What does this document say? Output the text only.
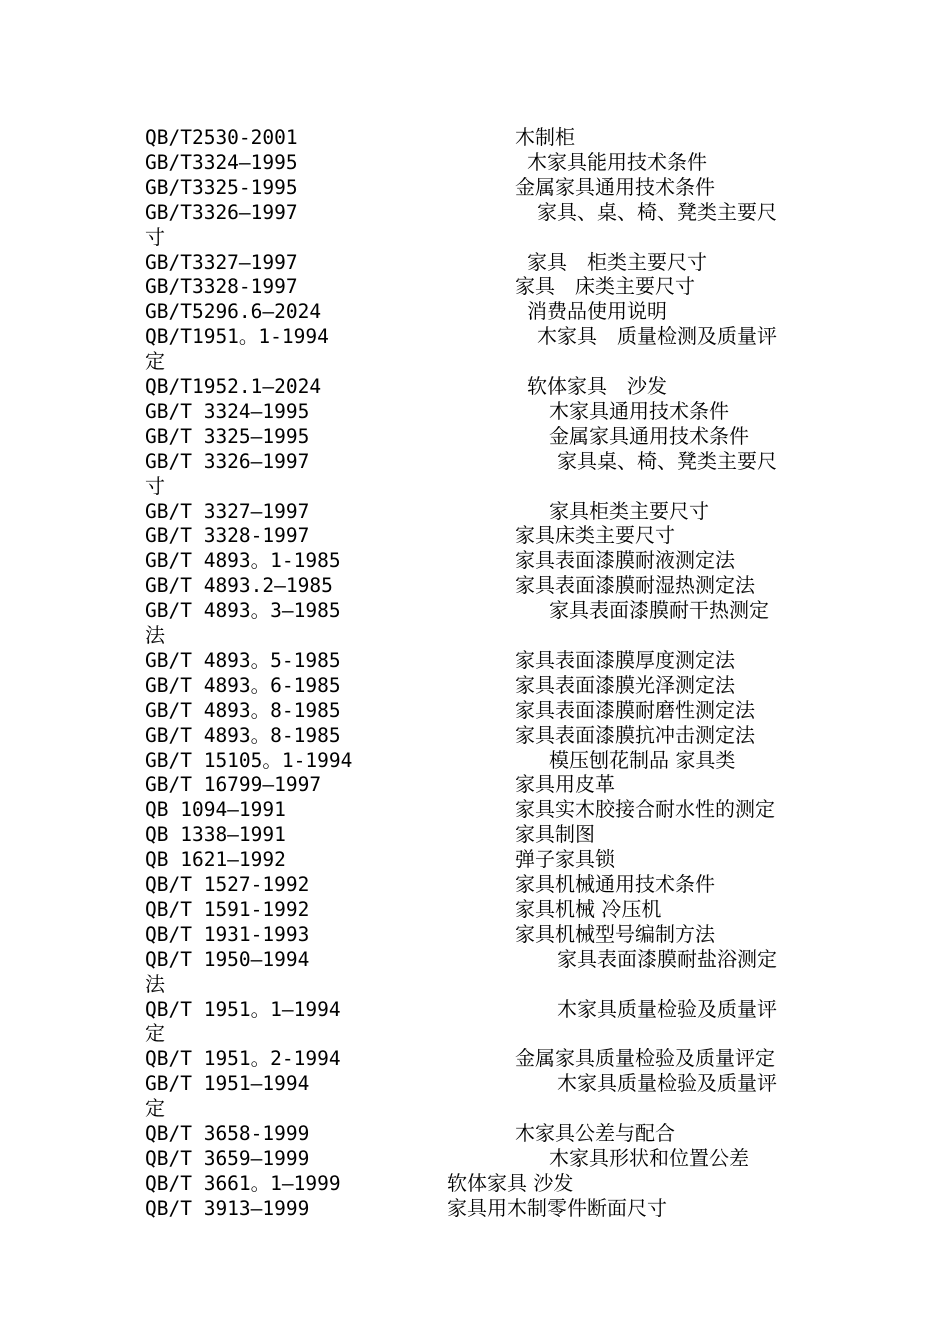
QB/T2530-2001	木制柜
GB/T3324—1995	木家具能用技术条件
GB/T3325-1995	金属家具通用技术条件
GB/T3326—1997	家具、桌、椅、凳类主要尺
寸
GB/T3327—1997	家具　柜类主要尺寸
GB/T3328-1997	家具　床类主要尺寸
GB/T5296.6—2024	消费品使用说明
QB/T1951。1-1994	木家具　质量检测及质量评
定
QB/T1952.1—2024	软体家具　沙发
GB/T 3324—1995	木家具通用技术条件
GB/T 3325—1995	金属家具通用技术条件
GB/T 3326—1997	家具桌、椅、凳类主要尺
寸
GB/T 3327—1997	家具柜类主要尺寸
GB/T 3328-1997	家具床类主要尺寸
GB/T 4893。1-1985	家具表面漆膜耐液测定法
GB/T 4893.2—1985	家具表面漆膜耐湿热测定法
GB/T 4893。3—1985	家具表面漆膜耐干热测定
法
GB/T 4893。5-1985	家具表面漆膜厚度测定法
GB/T 4893。6-1985	家具表面漆膜光泽测定法
GB/T 4893。8-1985	家具表面漆膜耐磨性测定法
GB/T 4893。8-1985	家具表面漆膜抗冲击测定法
GB/T 15105。1-1994	模压刨花制品 家具类
GB/T 16799—1997	家具用皮革
QB 1094—1991	家具实木胶接合耐水性的测定
QB 1338—1991	家具制图
QB 1621—1992	弹子家具锁
QB/T 1527-1992	家具机械通用技术条件
QB/T 1591-1992	家具机械 冷压机
QB/T 1931-1993	家具机械型号编制方法
QB/T 1950—1994	家具表面漆膜耐盐浴测定
法
QB/T 1951。1—1994	木家具质量检验及质量评
定
QB/T 1951。2-1994	金属家具质量检验及质量评定
GB/T 1951—1994	木家具质量检验及质量评
定
QB/T 3658-1999	木家具公差与配合
QB/T 3659—1999	木家具形状和位置公差
QB/T 3661。1—1999	软体家具 沙发
QB/T 3913—1999	家具用木制零件断面尺寸
